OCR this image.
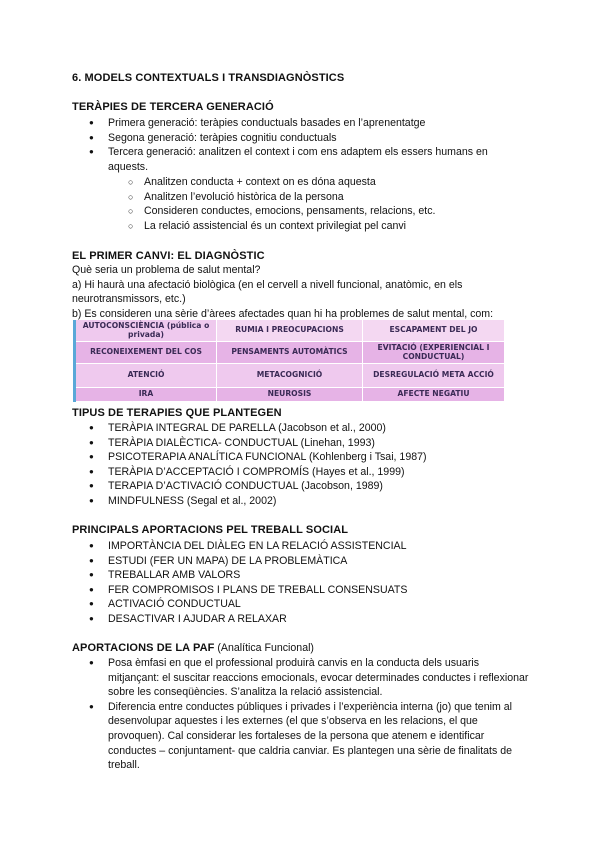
6. MODELS CONTEXTUALS I TRANSDIAGNÒSTICS
TERÀPIES DE TERCERA GENERACIÓ
● Primera generació: teràpies conductuals basades en l’aprenentatge
● Segona generació: teràpies cognitiu conductuals
● Tercera generació: analitzen el context i com ens adaptem els essers humans en aquests.
○ Analitzen conducta + context on es dóna aquesta
○ Analitzen l’evolució històrica de la persona
○ Consideren conductes, emocions, pensaments, relacions, etc.
○ La relació assistencial és un context privilegiat pel canvi
EL PRIMER CANVI: EL DIAGNÒSTIC

Què seria un problema de salut mental?

a) Hi haurà una afectació biològica (en el cervell a nivell funcional, anatòmic, en els neurotransmissors, etc.)

b) Es consideren una sèrie d’àrees afectades quan hi ha problemes de salut mental, com:

AUTOCONSCIÈNCIA (pública o privada)	RUMIA I PREOCUPACIONS	ESCAPAMENT DEL JO
RECONEIXEMENT DEL COS	PENSAMENTS AUTOMÀTICS	EVITACIÓ (EXPERIENCIAL I CONDUCTUAL)
ATENCIÓ	METACOGNICIÓ	DESREGULACIÓ META ACCIÓ
IRA	NEUROSIS	AFECTE NEGATIU
TIPUS DE TERAPIES QUE PLANTEGEN
● TERÀPIA INTEGRAL DE PARELLA (Jacobson et al., 2000)
● TERÀPIA DIALÈCTICA- CONDUCTUAL (Linehan, 1993)
● PSICOTERAPIA ANALÍTICA FUNCIONAL (Kohlenberg i Tsai, 1987)
● TERÀPIA D’ACCEPTACIÓ I COMPROMÍS (Hayes et al., 1999)
● TERAPIA D’ACTIVACIÓ CONDUCTUAL (Jacobson, 1989)
● MINDFULNESS (Segal et al., 2002)
PRINCIPALS APORTACIONS PEL TREBALL SOCIAL
● IMPORTÀNCIA DEL DIÀLEG EN LA RELACIÓ ASSISTENCIAL
● ESTUDI (FER UN MAPA) DE LA PROBLEMÀTICA
● TREBALLAR AMB VALORS
● FER COMPROMISOS I PLANS DE TREBALL CONSENSUATS
● ACTIVACIÓ CONDUCTUAL
● DESACTIVAR I AJUDAR A RELAXAR
APORTACIONS DE LA PAF (Analítica Funcional)
● Posa èmfasi en que el professional produirà canvis en la conducta dels usuaris mitjançant: el suscitar reaccions emocionals, evocar determinades conductes i reflexionar sobre les conseqüències. S’analitza la relació assistencial.
● Diferencia entre conductes públiques i privades i l’experiència interna (jo) que tenim al desenvolupar aquestes i les externes (el que s’observa en les relacions, el que provoquen). Cal considerar les fortaleses de la persona que atenem e identificar conductes – conjuntament- que caldria canviar. Es plantegen una sèrie de finalitats de treball.
